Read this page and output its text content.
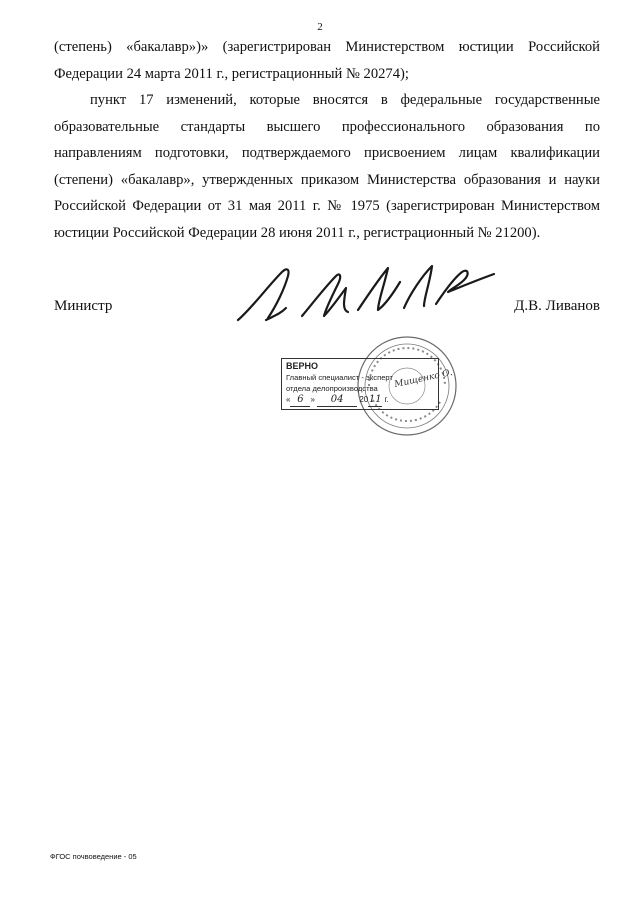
2
(степень) «бакалавр»)» (зарегистрирован Министерством юстиции Российской Федерации 24 марта 2011 г., регистрационный № 20274);
пункт 17 изменений, которые вносятся в федеральные государственные образовательные стандарты высшего профессионального образования по направлениям подготовки, подтверждаемого присвоением лицам квалификации (степени) «бакалавр», утвержденных приказом Министерства образования и науки Российской Федерации от 31 мая 2011 г. № 1975 (зарегистрирован Министерством юстиции Российской Федерации 28 июня 2011 г., регистрационный № 21200).
Министр	Д.В. Ливанов
ВЕРНО
Главный специалист - эксперт
отдела делопроизводства
« 6 » 04 2011 г.
Мищенко О.
ФГОС почвоведение - 05
